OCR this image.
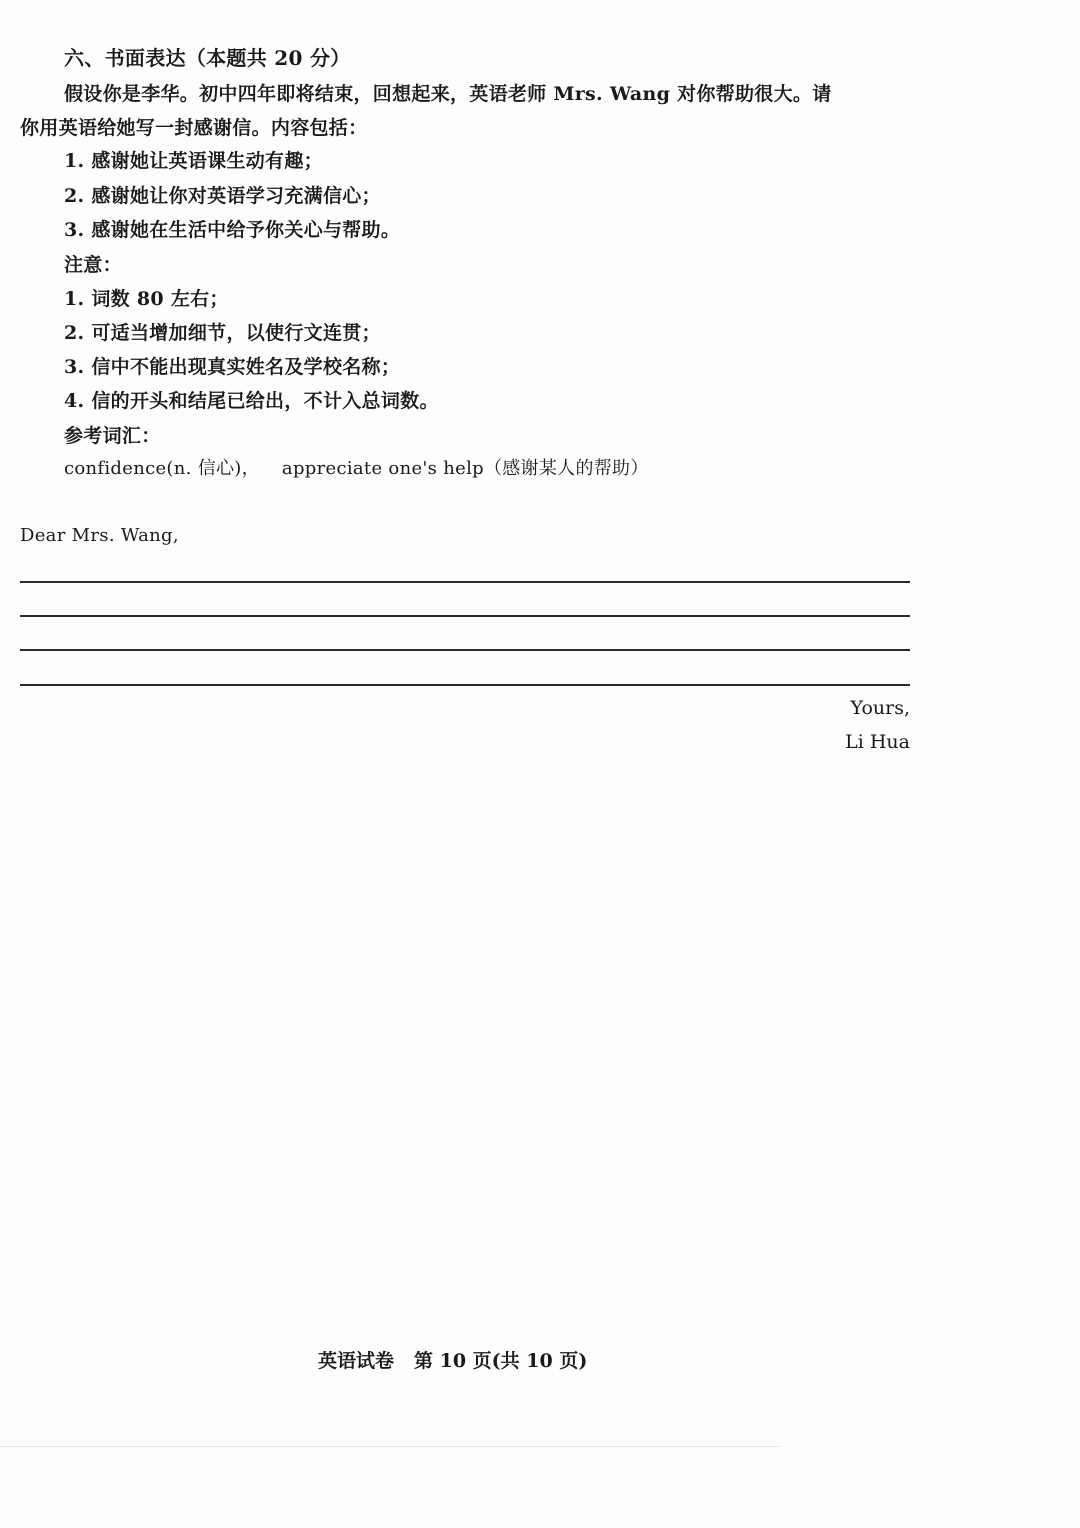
六、书面表达（本题共 20 分）
假设你是李华。初中四年即将结束，回想起来，英语老师 Mrs. Wang 对你帮助很大。请
你用英语给她写一封感谢信。内容包括：
1. 感谢她让英语课生动有趣；
2. 感谢她让你对英语学习充满信心；
3. 感谢她在生活中给予你关心与帮助。
注意：
1. 词数 80 左右；
2. 可适当增加细节，以使行文连贯；
3. 信中不能出现真实姓名及学校名称；
4. 信的开头和结尾已给出，不计入总词数。
参考词汇：
confidence(n. 信心)， appreciate one's help（感谢某人的帮助）
Dear Mrs. Wang,
Yours,
Li Hua
英语试卷 第 10 页(共 10 页)
